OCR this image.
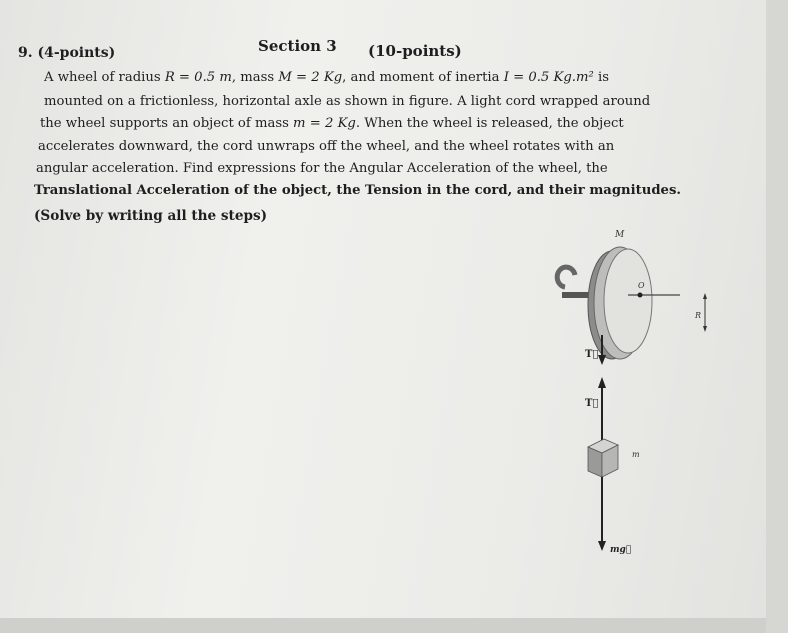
Section 3 (10-points)
9. (4-points)
A wheel of radius R = 0.5 m, mass M = 2 Kg, and moment of inertia I = 0.5 Kg.m² is
mounted on a frictionless, horizontal axle as shown in figure. A light cord wrapped around
the wheel supports an object of mass m = 2 Kg. When the wheel is released, the object
accelerates downward, the cord unwraps off the wheel, and the wheel rotates with an
angular acceleration. Find expressions for the Angular Acceleration of the wheel, the
Translational Acceleration of the object, the Tension in the cord, and their magnitudes.
(Solve by writing all the steps)
M
O
R
T⃗
T⃗
m
mg⃗
